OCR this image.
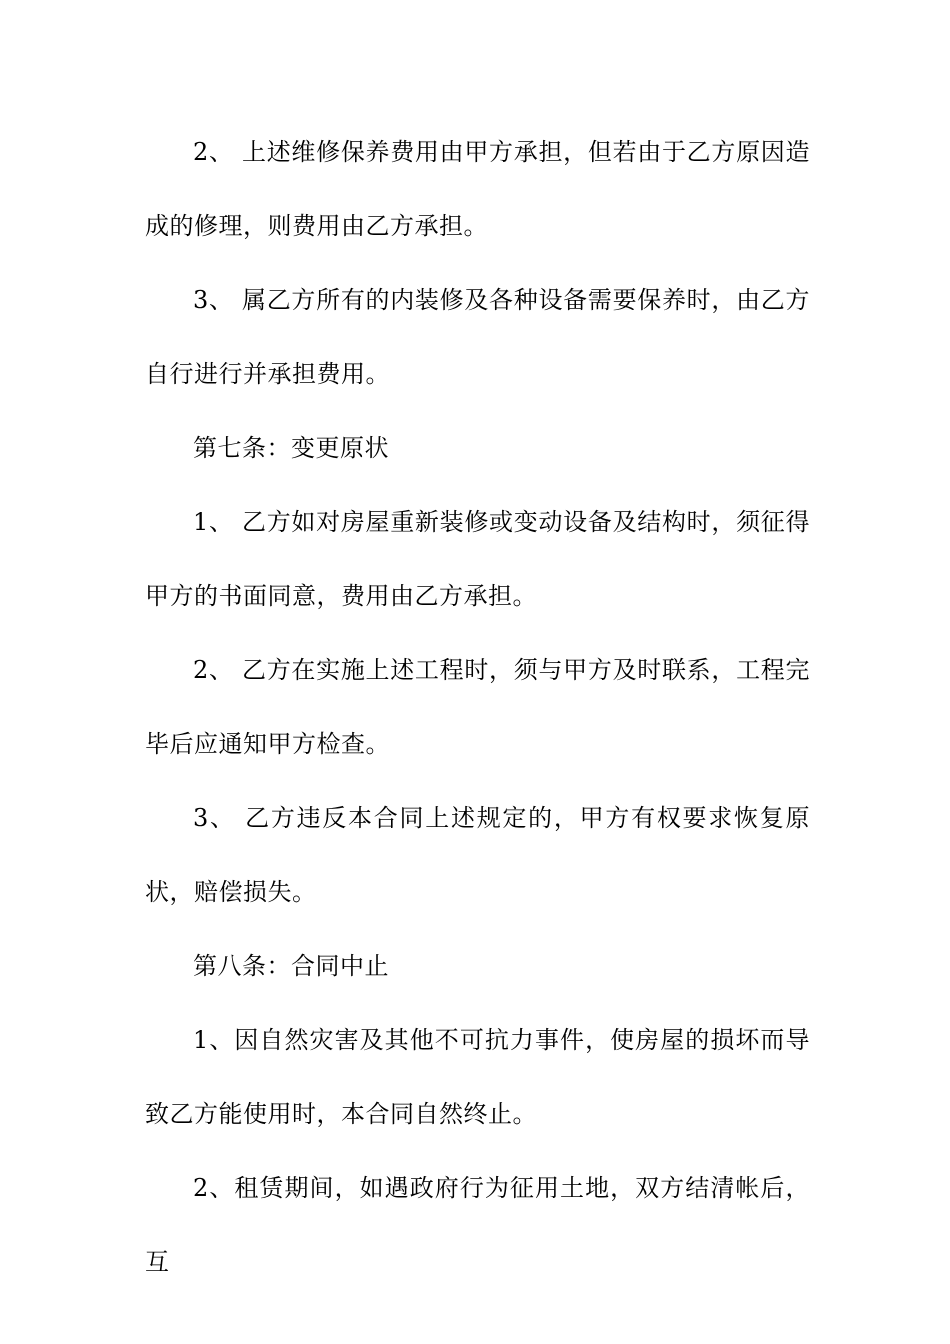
2、 上述维修保养费用由甲方承担，但若由于乙方原因造成的修理，则费用由乙方承担。

3、 属乙方所有的内装修及各种设备需要保养时，由乙方自行进行并承担费用。

第七条：变更原状

1、 乙方如对房屋重新装修或变动设备及结构时，须征得甲方的书面同意，费用由乙方承担。

2、 乙方在实施上述工程时，须与甲方及时联系，工程完毕后应通知甲方检查。

3、 乙方违反本合同上述规定的，甲方有权要求恢复原状，赔偿损失。

第八条：合同中止

1、因自然灾害及其他不可抗力事件，使房屋的损坏而导致乙方能使用时，本合同自然终止。

2、租赁期间，如遇政府行为征用土地，双方结清帐后，互
